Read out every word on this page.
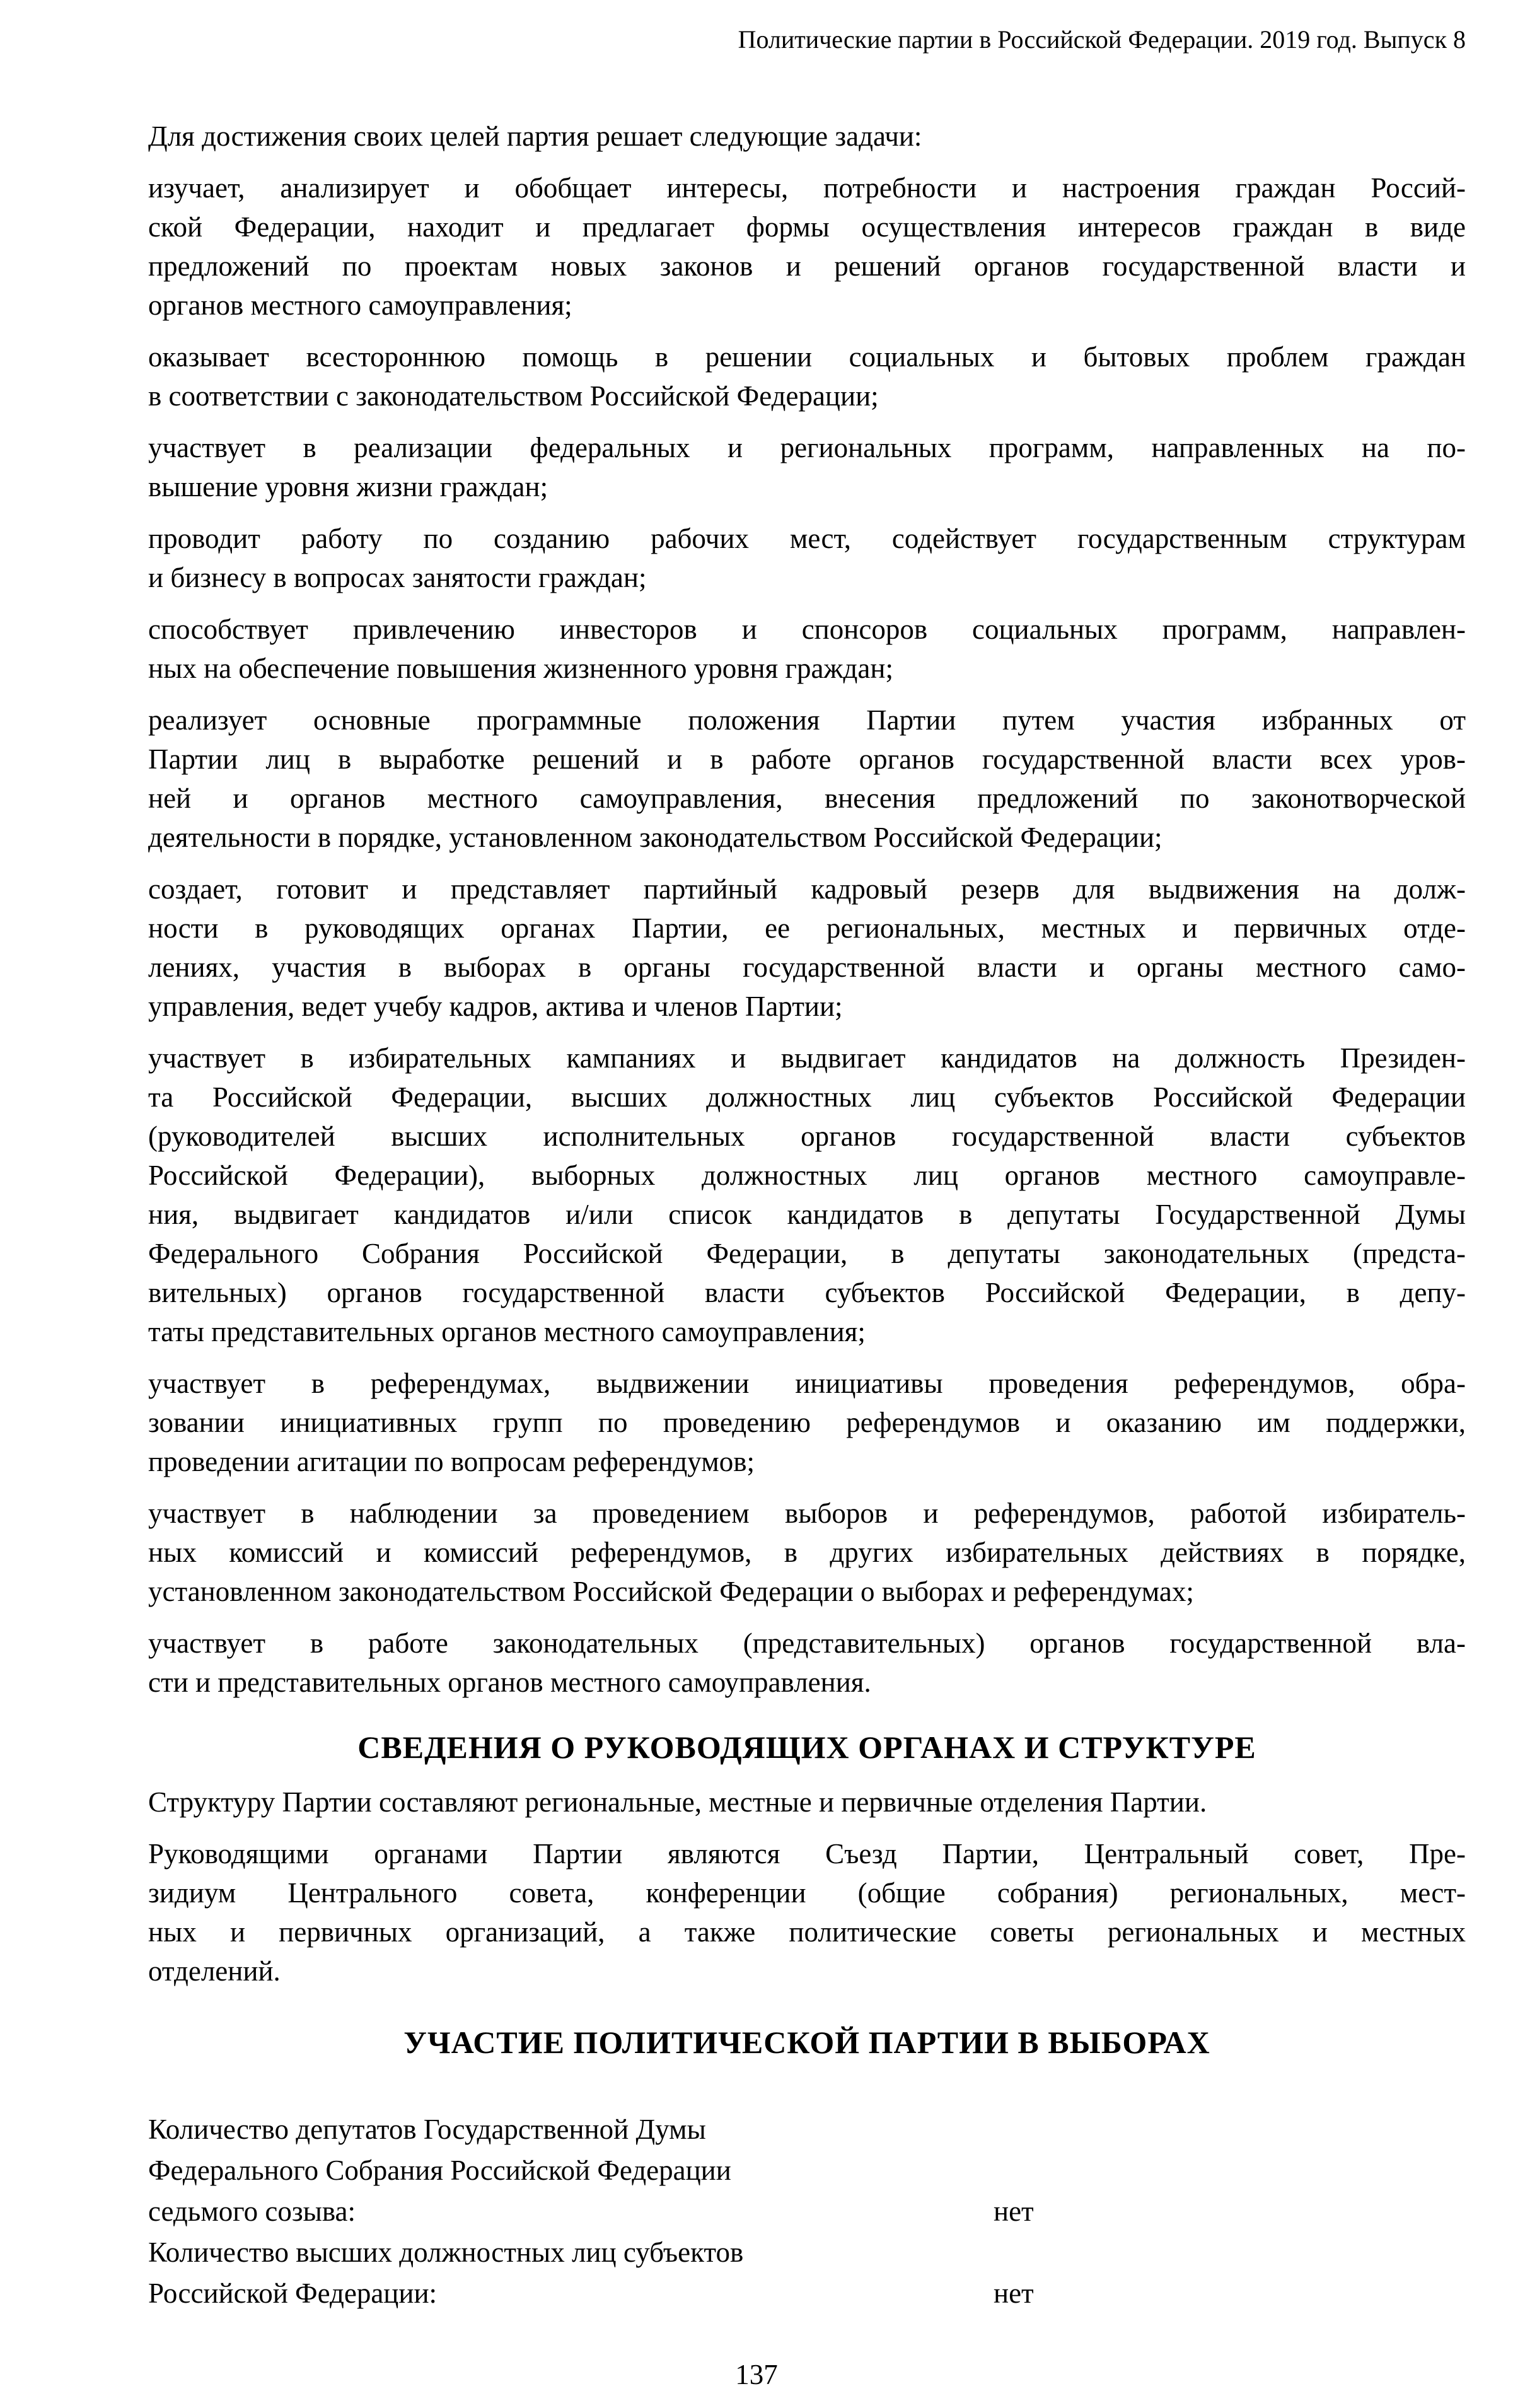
Политические партии в Российской Федерации. 2019 год. Выпуск 8
Для достижения своих целей партия решает следующие задачи:
изучает, анализирует и обобщает интересы, потребности и настроения граждан Россий-
ской Федерации, находит и предлагает формы осуществления интересов граждан в виде
предложений по проектам новых законов и решений органов государственной власти и
органов местного самоуправления;
оказывает всестороннюю помощь в решении социальных и бытовых проблем граждан
в соответствии с законодательством Российской Федерации;
участвует в реализации федеральных и региональных программ, направленных на по-
вышение уровня жизни граждан;
проводит работу по созданию рабочих мест, содействует государственным структурам
и бизнесу в вопросах занятости граждан;
способствует привлечению инвесторов и спонсоров социальных программ, направлен-
ных на обеспечение повышения жизненного уровня граждан;
реализует основные программные положения Партии путем участия избранных от
Партии лиц в выработке решений и в работе органов государственной власти всех уров-
ней и органов местного самоуправления, внесения предложений по законотворческой
деятельности в порядке, установленном законодательством Российской Федерации;
создает, готовит и представляет партийный кадровый резерв для выдвижения на долж-
ности в руководящих органах Партии, ее региональных, местных и первичных отде-
лениях, участия в выборах в органы государственной власти и органы местного само-
управления, ведет учебу кадров, актива и членов Партии;
участвует в избирательных кампаниях и выдвигает кандидатов на должность Президен-
та Российской Федерации, высших должностных лиц субъектов Российской Федерации
(руководителей высших исполнительных органов государственной власти субъектов
Российской Федерации), выборных должностных лиц органов местного самоуправле-
ния, выдвигает кандидатов и/или список кандидатов в депутаты Государственной Думы
Федерального Собрания Российской Федерации, в депутаты законодательных (предста-
вительных) органов государственной власти субъектов Российской Федерации, в депу-
таты представительных органов местного самоуправления;
участвует в референдумах, выдвижении инициативы проведения референдумов, обра-
зовании инициативных групп по проведению референдумов и оказанию им поддержки,
проведении агитации по вопросам референдумов;
участвует в наблюдении за проведением выборов и референдумов, работой избиратель-
ных комиссий и комиссий референдумов, в других избирательных действиях в порядке,
установленном законодательством Российской Федерации о выборах и референдумах;
участвует в работе законодательных (представительных) органов государственной вла-
сти и представительных органов местного самоуправления.
СВЕДЕНИЯ О РУКОВОДЯЩИХ ОРГАНАХ И СТРУКТУРЕ
Структуру Партии составляют региональные, местные и первичные отделения Партии.
Руководящими органами Партии являются Съезд Партии, Центральный совет, Пре-
зидиум Центрального совета, конференции (общие собрания) региональных, мест-
ных и первичных организаций, а также политические советы региональных и местных
отделений.
УЧАСТИЕ ПОЛИТИЧЕСКОЙ ПАРТИИ В ВЫБОРАХ
Количество депутатов Государственной Думы
Федерального Собрания Российской Федерации
седьмого созыва:	нет
Количество высших должностных лиц субъектов
Российской Федерации:	нет
137
